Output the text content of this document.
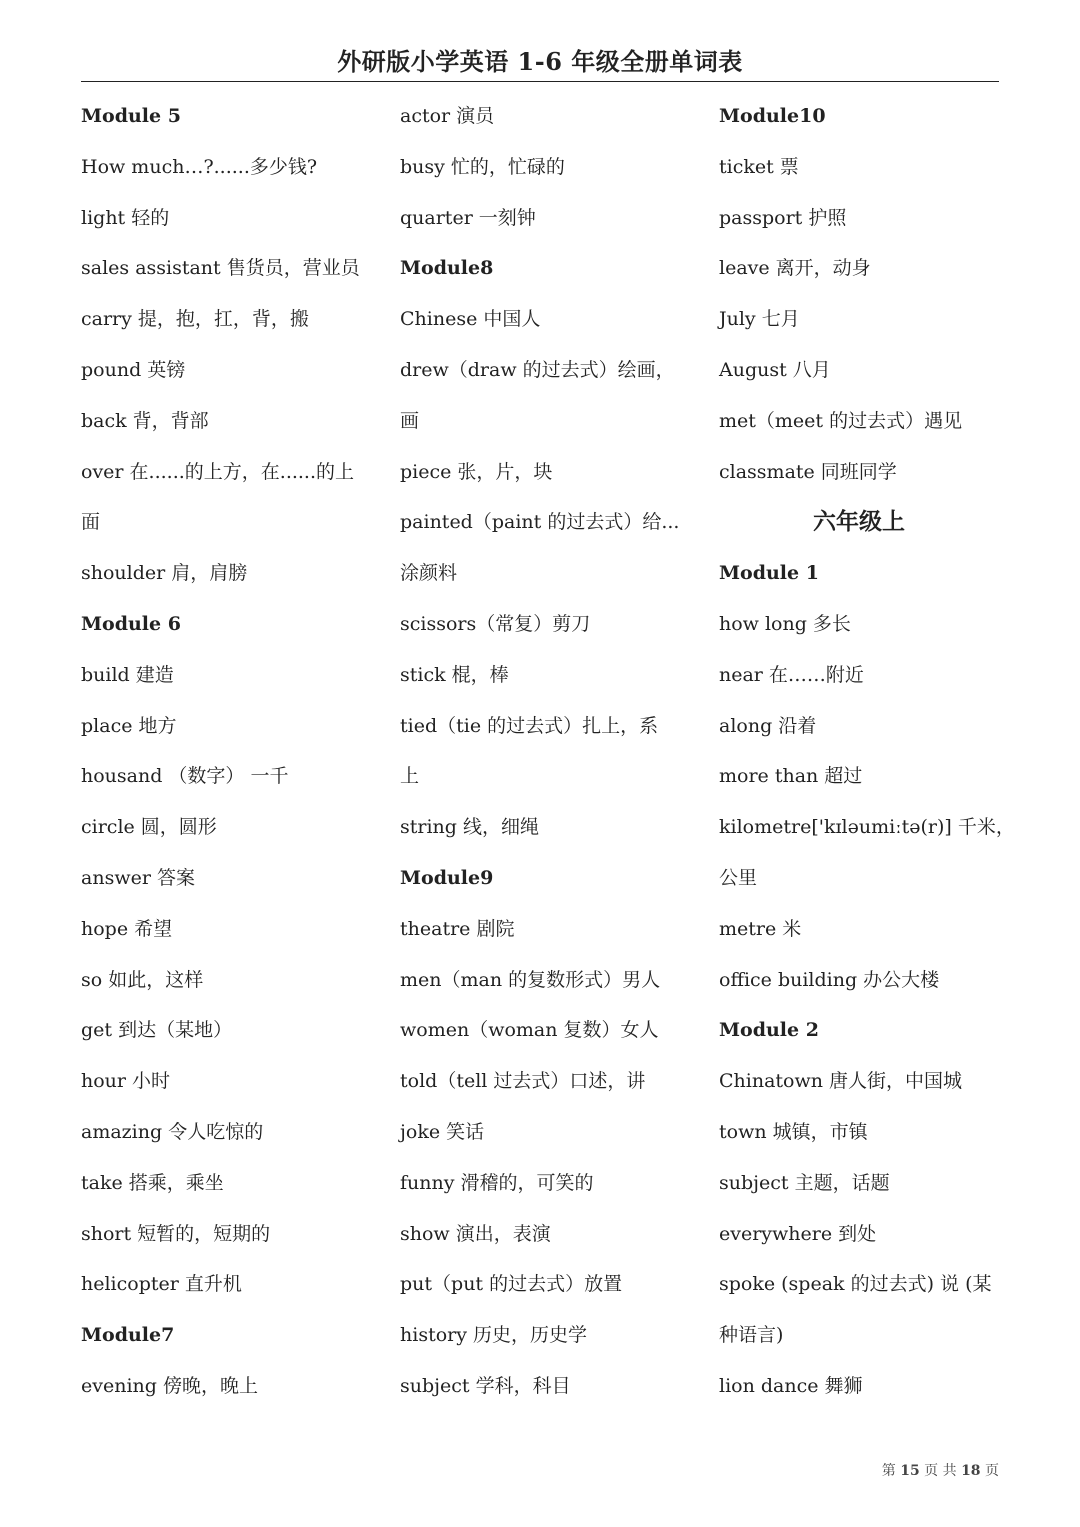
外研版小学英语 1-6 年级全册单词表
Module 5
How much…?......多少钱?
light 轻的
sales assistant 售货员，营业员
carry 提，抱，扛，背，搬
pound 英镑
back 背，背部
over 在......的上方，在......的上
面
shoulder 肩，肩膀
Module 6
build 建造
place 地方
housand （数字） 一千
circle 圆，圆形
answer 答案
hope 希望
so 如此，这样
get 到达（某地）
hour 小时
amazing 令人吃惊的
take 搭乘，乘坐
short 短暂的，短期的
helicopter 直升机
Module7
evening 傍晚，晚上
actor 演员
busy 忙的，忙碌的
quarter 一刻钟
Module8
Chinese 中国人
drew（draw 的过去式）绘画，
画
piece 张，片，块
painted（paint 的过去式）给...
涂颜料
scissors（常复）剪刀
stick 棍，棒
tied（tie 的过去式）扎上，系
上
string 线，细绳
Module9
theatre 剧院
men（man 的复数形式）男人
women（woman 复数）女人
told（tell 过去式）口述，讲
joke 笑话
funny 滑稽的，可笑的
show 演出，表演
put（put 的过去式）放置
history 历史，历史学
subject 学科，科目
Module10
ticket 票
passport 护照
leave 离开，动身
July 七月
August 八月
met（meet 的过去式）遇见
classmate 同班同学
六年级上
Module 1
how long 多长
near 在……附近
along 沿着
more than 超过
kilometre['kɪləumiːtə(r)] 千米，
公里
metre 米
office building 办公大楼
Module 2
Chinatown 唐人街，中国城
town 城镇，市镇
subject 主题，话题
everywhere 到处
spoke (speak 的过去式) 说 (某
种语言)
lion dance 舞狮
第 15 页 共 18 页
